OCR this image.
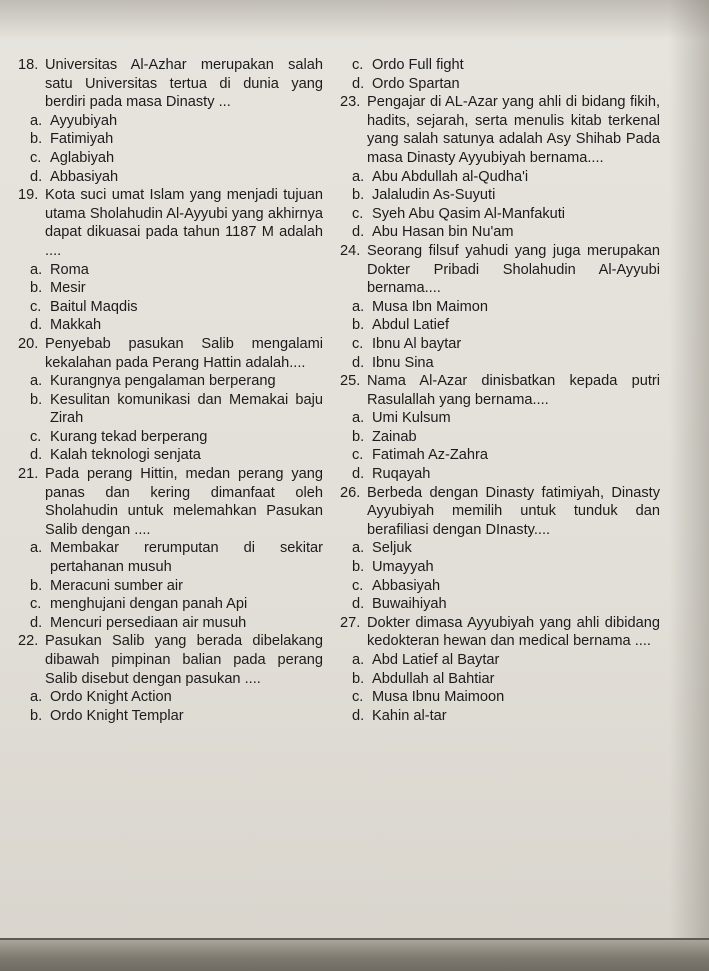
18. Universitas Al-Azhar merupakan salah satu Universitas tertua di dunia yang berdiri pada masa Dinasty ...
a. Ayyubiyah
b. Fatimiyah
c. Aglabiyah
d. Abbasiyah
19. Kota suci umat Islam yang menjadi tujuan utama Sholahudin Al-Ayyubi yang akhirnya dapat dikuasai pada tahun 1187 M adalah ....
a. Roma
b. Mesir
c. Baitul Maqdis
d. Makkah
20. Penyebab pasukan Salib mengalami kekalahan pada Perang Hattin adalah....
a. Kurangnya pengalaman berperang
b. Kesulitan komunikasi dan Memakai baju Zirah
c. Kurang tekad berperang
d. Kalah teknologi senjata
21. Pada perang Hittin, medan perang yang panas dan kering dimanfaat oleh Sholahudin untuk melemahkan Pasukan Salib dengan ....
a. Membakar rerumputan di sekitar pertahanan musuh
b. Meracuni sumber air
c. menghujani dengan panah Api
d. Mencuri persediaan air musuh
22. Pasukan Salib yang berada dibelakang dibawah pimpinan balian pada perang Salib disebut dengan pasukan ....
a. Ordo Knight Action
b. Ordo Knight Templar
c. Ordo Full fight
d. Ordo Spartan
23. Pengajar di AL-Azar yang ahli di bidang fikih, hadits, sejarah, serta menulis kitab terkenal yang salah satunya adalah Asy Shihab Pada masa Dinasty Ayyubiyah bernama....
a. Abu Abdullah al-Qudha'i
b. Jalaludin As-Suyuti
c. Syeh Abu Qasim Al-Manfakuti
d. Abu Hasan bin Nu'am
24. Seorang filsuf yahudi yang juga merupakan Dokter Pribadi Sholahudin Al-Ayyubi bernama....
a. Musa Ibn Maimon
b. Abdul Latief
c. Ibnu Al baytar
d. Ibnu Sina
25. Nama Al-Azar dinisbatkan kepada putri Rasulallah yang bernama....
a. Umi Kulsum
b. Zainab
c. Fatimah Az-Zahra
d. Ruqayah
26. Berbeda dengan Dinasty fatimiyah, Dinasty Ayyubiyah memilih untuk tunduk dan berafiliasi dengan DInasty....
a. Seljuk
b. Umayyah
c. Abbasiyah
d. Buwaihiyah
27. Dokter dimasa Ayyubiyah yang ahli dibidang kedokteran hewan dan medical bernama ....
a. Abd Latief al Baytar
b. Abdullah al Bahtiar
c. Musa Ibnu Maimoon
d. Kahin al-tar
